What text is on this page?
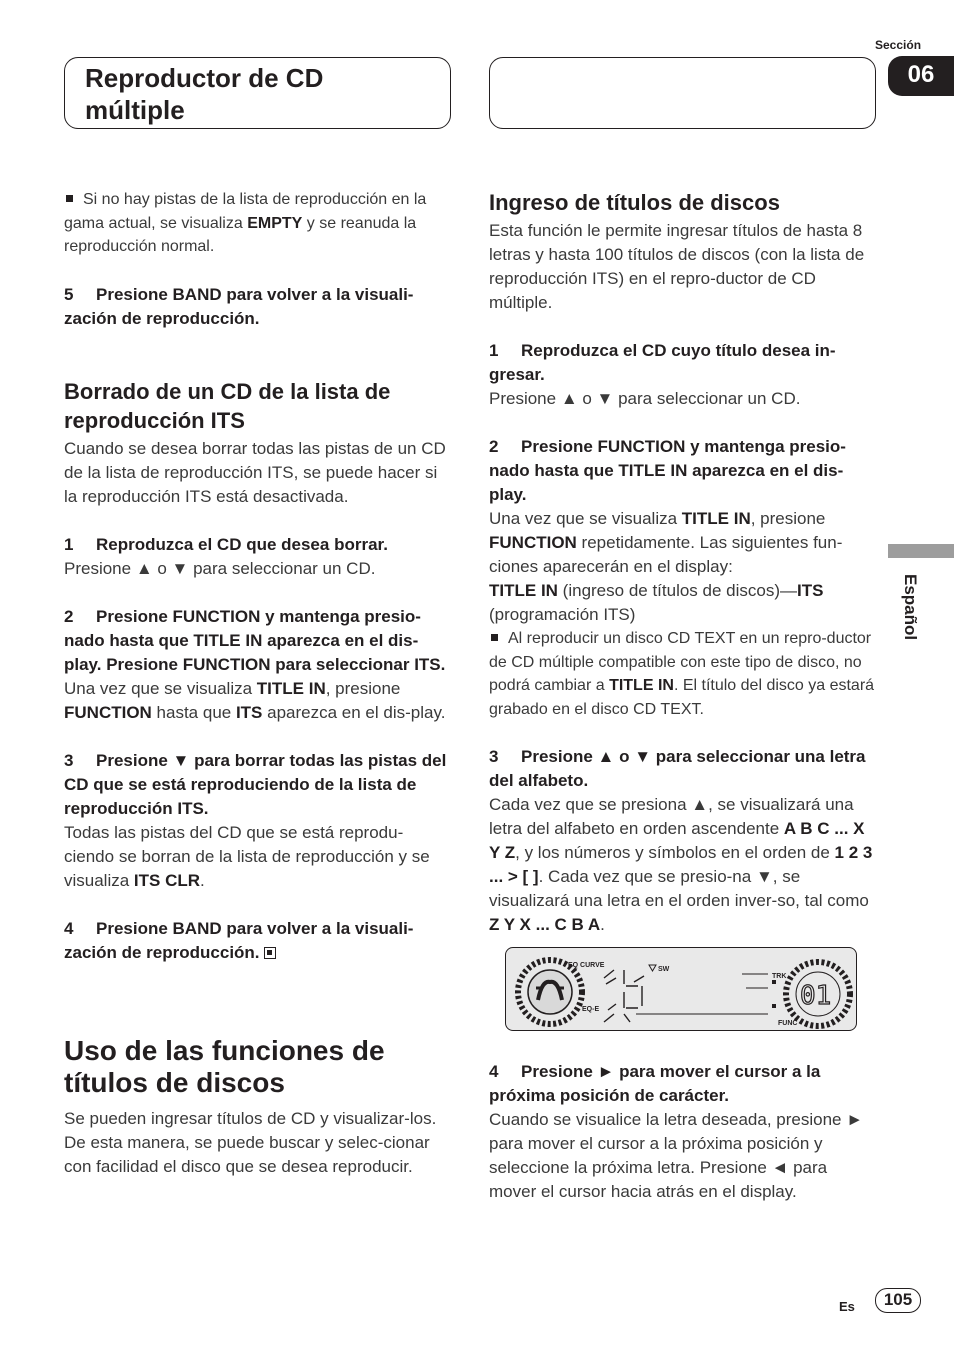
Reproductor de CD
múltiple
Sección
06
Español

Si no hay pistas de la lista de reproducción en la gama actual, se visualiza EMPTY y se reanuda la reproducción normal.

5 Presione BAND para volver a la visuali-zación de reproducción.

Borrado de un CD de la lista de
reproducción ITS

Cuando se desea borrar todas las pistas de un CD de la lista de reproducción ITS, se puede hacer si la reproducción ITS está desactivada.

1 Reproduzca el CD que desea borrar.

Presione ▲ o ▼ para seleccionar un CD.

2 Presione FUNCTION y mantenga presio-nado hasta que TITLE IN aparezca en el dis-play. Presione FUNCTION para seleccionar ITS.

Una vez que se visualiza TITLE IN, presione FUNCTION hasta que ITS aparezca en el dis-play.

3 Presione ▼ para borrar todas las pistas del CD que se está reproduciendo de la lista de reproducción ITS.

Todas las pistas del CD que se está reprodu-ciendo se borran de la lista de reproducción y se visualiza ITS CLR.

4 Presione BAND para volver a la visuali-zación de reproducción.

Uso de las funciones de
títulos de discos

Se pueden ingresar títulos de CD y visualizar-los. De esta manera, se puede buscar y selec-cionar con facilidad el disco que se desea reproducir.

Ingreso de títulos de discos

Esta función le permite ingresar títulos de hasta 8 letras y hasta 100 títulos de discos (con la lista de reproducción ITS) en el repro-ductor de CD múltiple.

1 Reproduzca el CD cuyo título desea in-gresar.

Presione ▲ o ▼ para seleccionar un CD.

2 Presione FUNCTION y mantenga presio-nado hasta que TITLE IN aparezca en el dis-play.

Una vez que se visualiza TITLE IN, presione FUNCTION repetidamente. Las siguientes fun-ciones aparecerán en el display:

TITLE IN (ingreso de títulos de discos)—ITS (programación ITS)

Al reproducir un disco CD TEXT en un repro-ductor de CD múltiple compatible con este tipo de disco, no podrá cambiar a TITLE IN. El título del disco ya estará grabado en el disco CD TEXT.

3 Presione ▲ o ▼ para seleccionar una letra del alfabeto.

Cada vez que se presiona ▲, se visualizará una letra del alfabeto en orden ascendente A B C ... X Y Z, y los números y símbolos en el orden de 1 2 3 ... > [ ]. Cada vez que se presio-na ▼, se visualizará una letra en el orden inver-so, tal como Z Y X ... C B A.

EQ CURVE
SW
EQ-E
TRK
FUNC
01

4 Presione ► para mover el cursor a la próxima posición de carácter.

Cuando se visualice la letra deseada, presione ► para mover el cursor a la próxima posición y seleccione la próxima letra. Presione ◄ para mover el cursor hacia atrás en el display.

Es	105
